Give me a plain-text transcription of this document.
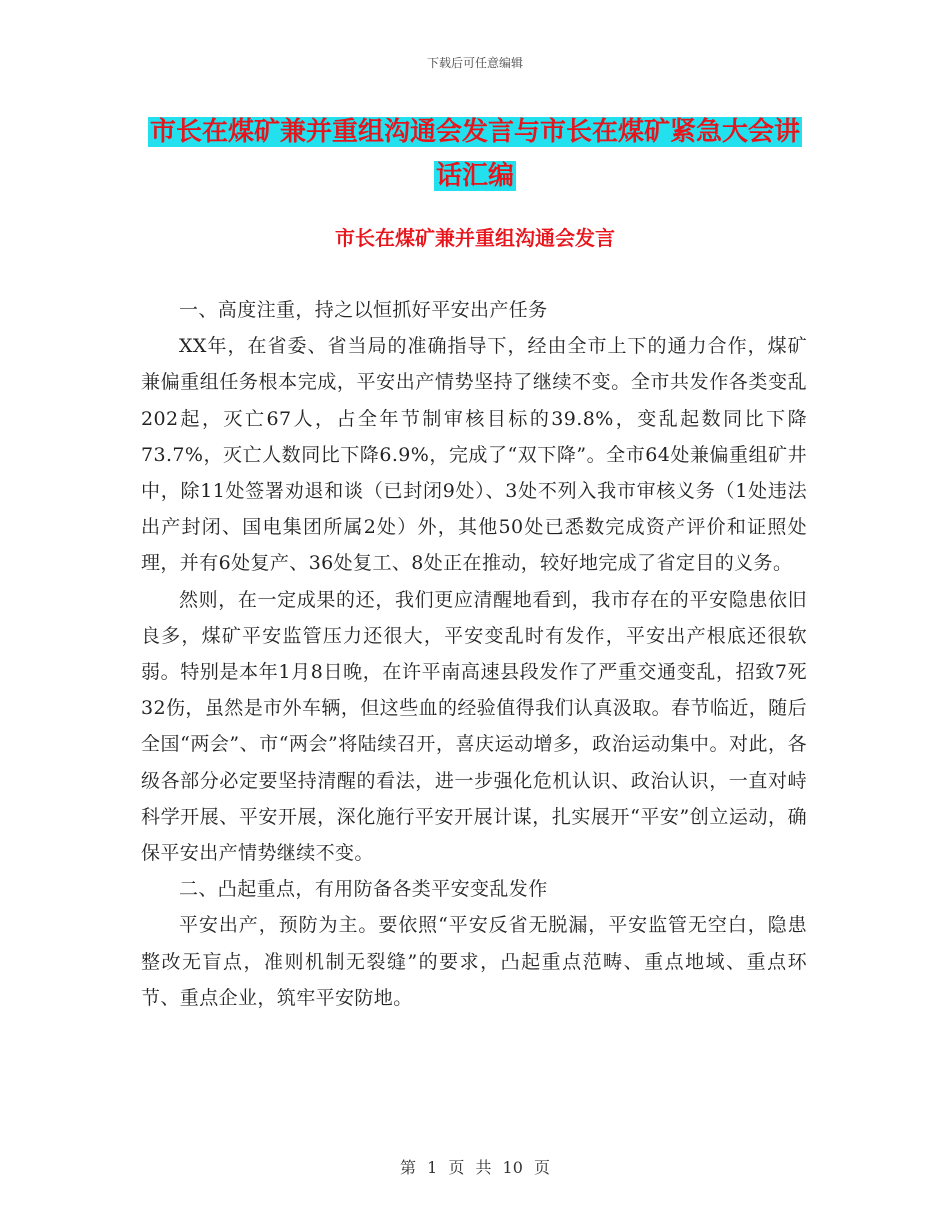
下载后可任意编辑
市长在煤矿兼并重组沟通会发言与市长在煤矿紧急大会讲话汇编
市长在煤矿兼并重组沟通会发言

一、高度注重，持之以恒抓好平安出产任务

XX年，在省委、省当局的准确指导下，经由全市上下的通力合作，煤矿兼偏重组任务根本完成，平安出产情势坚持了继续不变。全市共发作各类变乱202起，灭亡67人，占全年节制审核目标的39.8%，变乱起数同比下降73.7%，灭亡人数同比下降6.9%，完成了“双下降”。全市64处兼偏重组矿井中，除11处签署劝退和谈（已封闭9处）、3处不列入我市审核义务（1处违法出产封闭、国电集团所属2处）外，其他50处已悉数完成资产评价和证照处理，并有6处复产、36处复工、8处正在推动，较好地完成了省定目的义务。

然则，在一定成果的还，我们更应清醒地看到，我市存在的平安隐患依旧良多，煤矿平安监管压力还很大，平安变乱时有发作，平安出产根底还很软弱。特别是本年1月8日晚，在许平南高速县段发作了严重交通变乱，招致7死32伤，虽然是市外车辆，但这些血的经验值得我们认真汲取。春节临近，随后全国“两会”、市“两会”将陆续召开，喜庆运动增多，政治运动集中。对此，各级各部分必定要坚持清醒的看法，进一步强化危机认识、政治认识，一直对峙科学开展、平安开展，深化施行平安开展计谋，扎实展开“平安”创立运动，确保平安出产情势继续不变。

二、凸起重点，有用防备各类平安变乱发作

平安出产，预防为主。要依照“平安反省无脱漏，平安监管无空白，隐患整改无盲点，准则机制无裂缝”的要求，凸起重点范畴、重点地域、重点环节、重点企业，筑牢平安防地。

第 1 页 共 10 页
